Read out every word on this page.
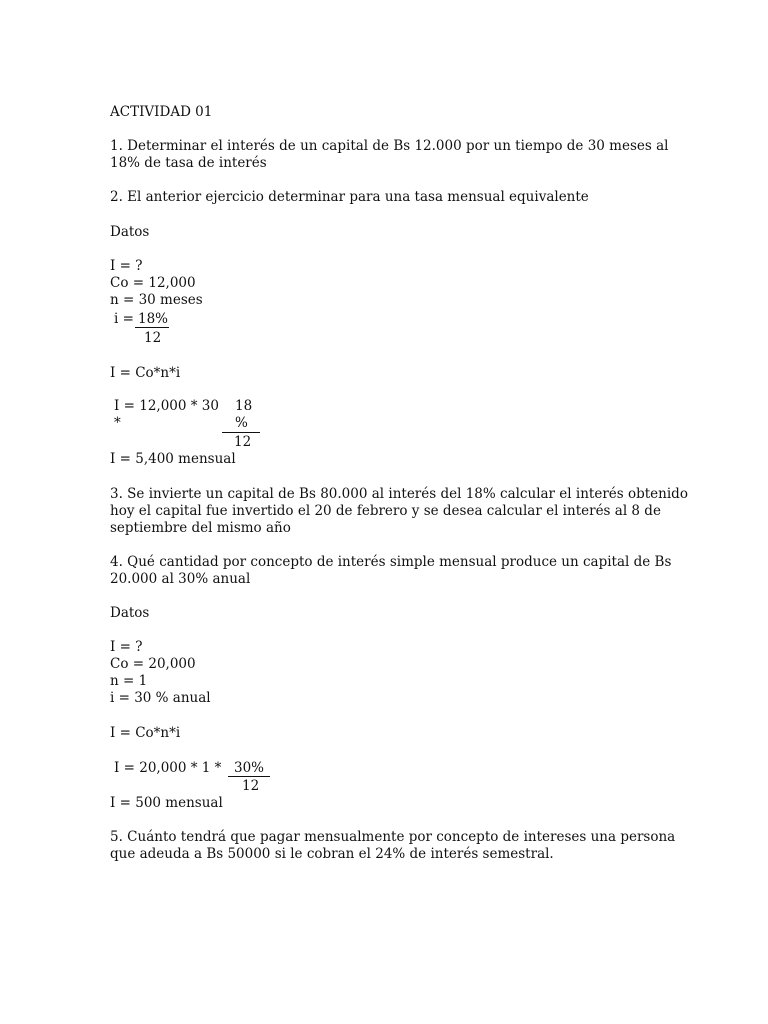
ACTIVIDAD 01
1. Determinar el interés de un capital de Bs 12.000 por un tiempo de 30 meses al
18% de tasa de interés
2. El anterior ejercicio determinar para una tasa mensual equivalente
Datos
I = ?
Co = 12,000
n = 30 meses
i = 18%
12
I = Co*n*i
I = 12,000 * 30 18
*	%
12
I = 5,400 mensual
3. Se invierte un capital de Bs 80.000 al interés del 18% calcular el interés obtenido
hoy el capital fue invertido el 20 de febrero y se desea calcular el interés al 8 de
septiembre del mismo año
4. Qué cantidad por concepto de interés simple mensual produce un capital de Bs
20.000 al 30% anual
Datos
I = ?
Co = 20,000
n = 1
i = 30 % anual
I = Co*n*i
I = 20,000 * 1 * 30%
12
I = 500 mensual
5. Cuánto tendrá que pagar mensualmente por concepto de intereses una persona
que adeuda a Bs 50000 si le cobran el 24% de interés semestral.
